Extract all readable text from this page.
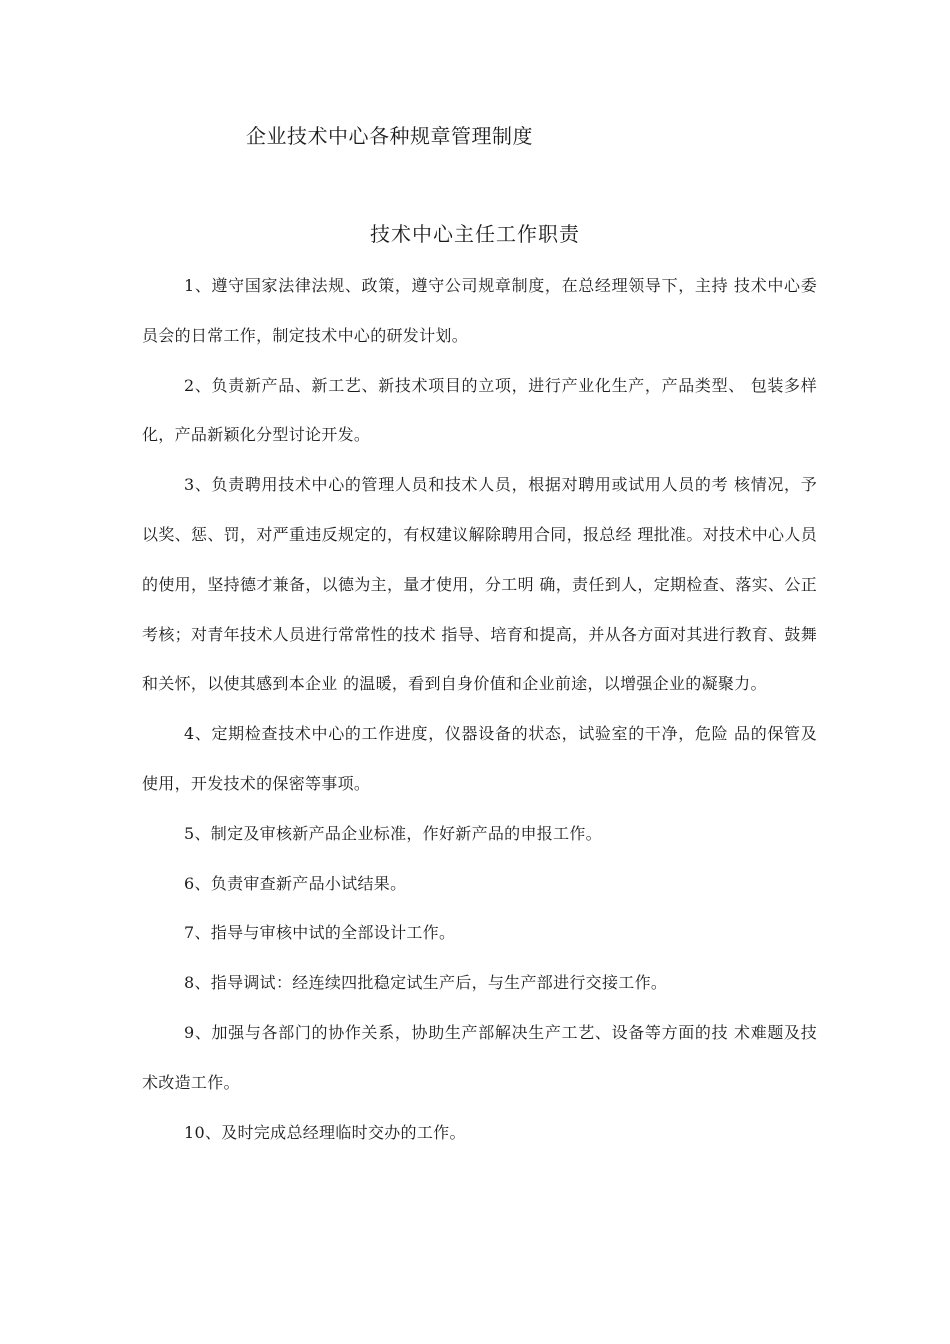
企业技术中心各种规章管理制度
技术中心主任工作职责

1、遵守国家法律法规、政策，遵守公司规章制度，在总经理领导下，主持 技术中心委员会的日常工作，制定技术中心的研发计划。

2、负责新产品、新工艺、新技术项目的立项，进行产业化生产，产品类型、 包装多样化，产品新颖化分型讨论开发。

3、负责聘用技术中心的管理人员和技术人员，根据对聘用或试用人员的考 核情况，予以奖、惩、罚，对严重违反规定的，有权建议解除聘用合同，报总经 理批准。对技术中心人员的使用，坚持德才兼备，以德为主，量才使用，分工明 确，责任到人，定期检查、落实、公正考核；对青年技术人员进行常常性的技术 指导、培育和提高，并从各方面对其进行教育、鼓舞和关怀，以使其感到本企业 的温暖，看到自身价值和企业前途，以增强企业的凝聚力。

4、定期检查技术中心的工作进度，仪器设备的状态，试验室的干净，危险 品的保管及使用，开发技术的保密等事项。

5、制定及审核新产品企业标准，作好新产品的申报工作。

6、负责审查新产品小试结果。

7、指导与审核中试的全部设计工作。

8、指导调试：经连续四批稳定试生产后，与生产部进行交接工作。

9、加强与各部门的协作关系，协助生产部解决生产工艺、设备等方面的技 术难题及技术改造工作。

10、及时完成总经理临时交办的工作。
